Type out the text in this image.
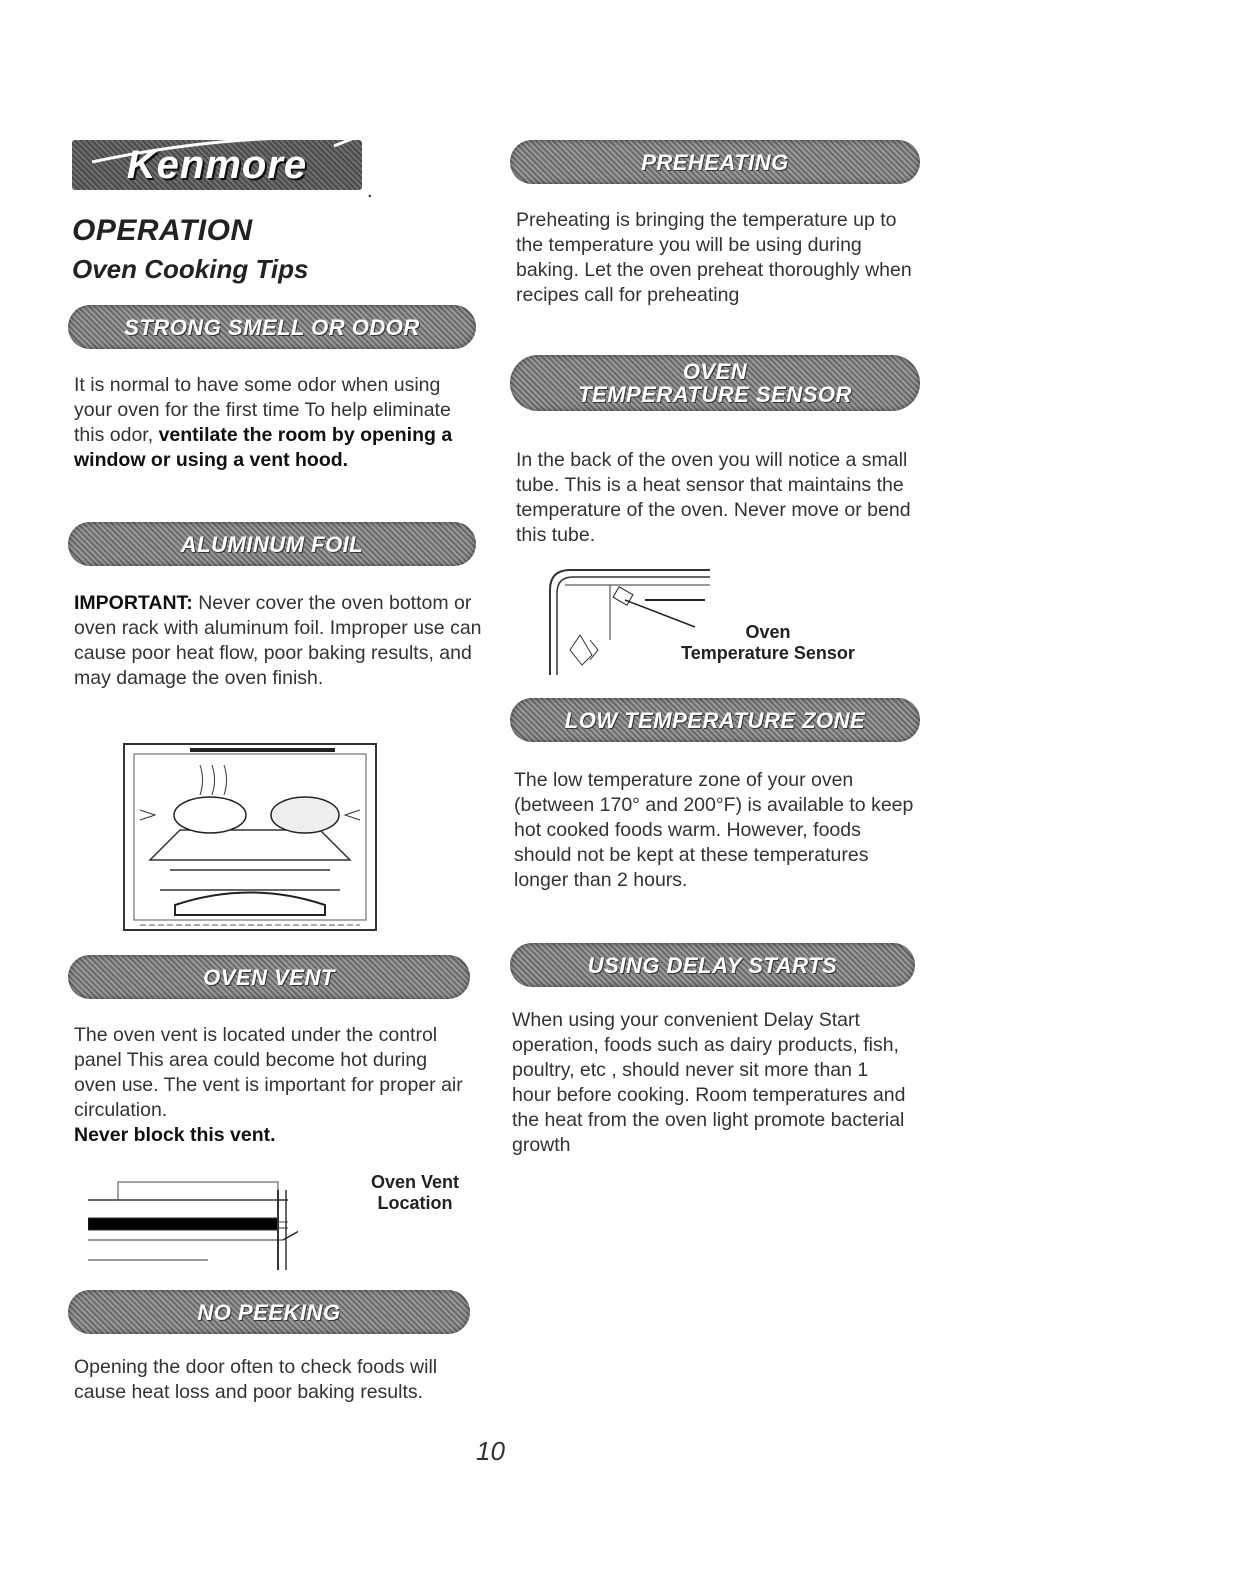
Kenmore
.
OPERATION
Oven Cooking Tips
STRONG SMELL OR ODOR
It is normal to have some odor when using your oven for the first time To help eliminate this odor, ventilate the room by opening a window or using a vent hood.
ALUMINUM FOIL
IMPORTANT: Never cover the oven bottom or oven rack with aluminum foil. Improper use can cause poor heat flow, poor baking results, and may damage the oven finish.
OVEN VENT
The oven vent is located under the control panel This area could become hot during oven use. The vent is important for proper air circulation.
Never block this vent.
Oven Vent
Location
NO PEEKING
Opening the door often to check foods will cause heat loss and poor baking results.
PREHEATING
Preheating is bringing the temperature up to the temperature you will be using during baking. Let the oven preheat thoroughly when recipes call for preheating
OVEN
TEMPERATURE SENSOR
In the back of the oven you will notice a small tube. This is a heat sensor that maintains the temperature of the oven. Never move or bend this tube.
Oven
Temperature Sensor
LOW TEMPERATURE ZONE
The low temperature zone of your oven (between 170° and 200°F) is available to keep hot cooked foods warm. However, foods should not be kept at these temperatures longer than 2 hours.
USING DELAY STARTS
When using your convenient Delay Start operation, foods such as dairy products, fish, poultry, etc , should never sit more than 1 hour before cooking. Room temperatures and the heat from the oven light promote bacterial growth
10
